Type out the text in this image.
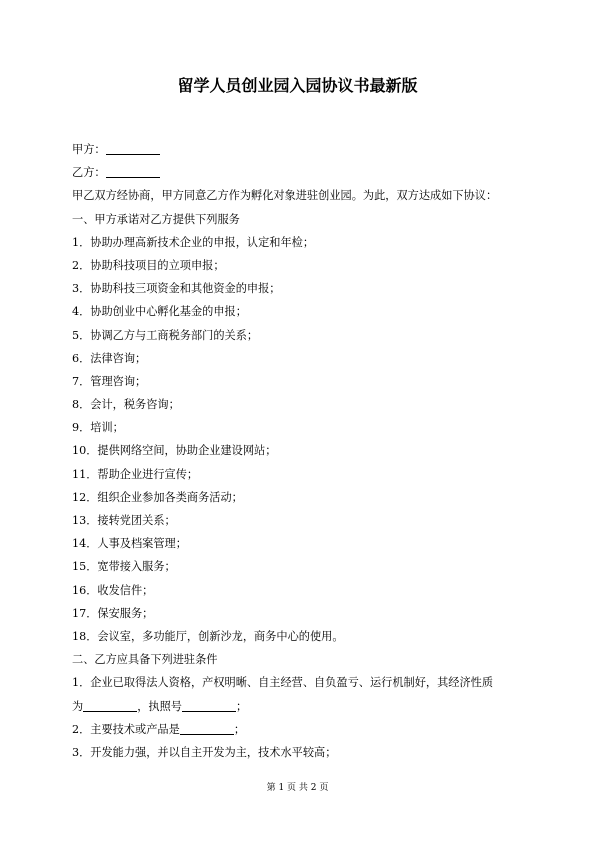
留学人员创业园入园协议书最新版
甲方：
乙方：
甲乙双方经协商，甲方同意乙方作为孵化对象进驻创业园。为此，双方达成如下协议：
一、甲方承诺对乙方提供下列服务
1．协助办理高新技术企业的申报，认定和年检；
2．协助科技项目的立项申报；
3．协助科技三项资金和其他资金的申报；
4．协助创业中心孵化基金的申报；
5．协调乙方与工商税务部门的关系；
6．法律咨询；
7．管理咨询；
8．会计，税务咨询；
9．培训；
10．提供网络空间，协助企业建设网站；
11．帮助企业进行宣传；
12．组织企业参加各类商务活动；
13．接转党团关系；
14．人事及档案管理；
15．宽带接入服务；
16．收发信件；
17．保安服务；
18．会议室，多功能厅，创新沙龙，商务中心的使用。
二、乙方应具备下列进驻条件
1．企业已取得法人资格，产权明晰、自主经营、自负盈亏、运行机制好，其经济性质
为	，执照号	；
2．主要技术或产品是	；
3．开发能力强，并以自主开发为主，技术水平较高；
第 1 页 共 2 页
